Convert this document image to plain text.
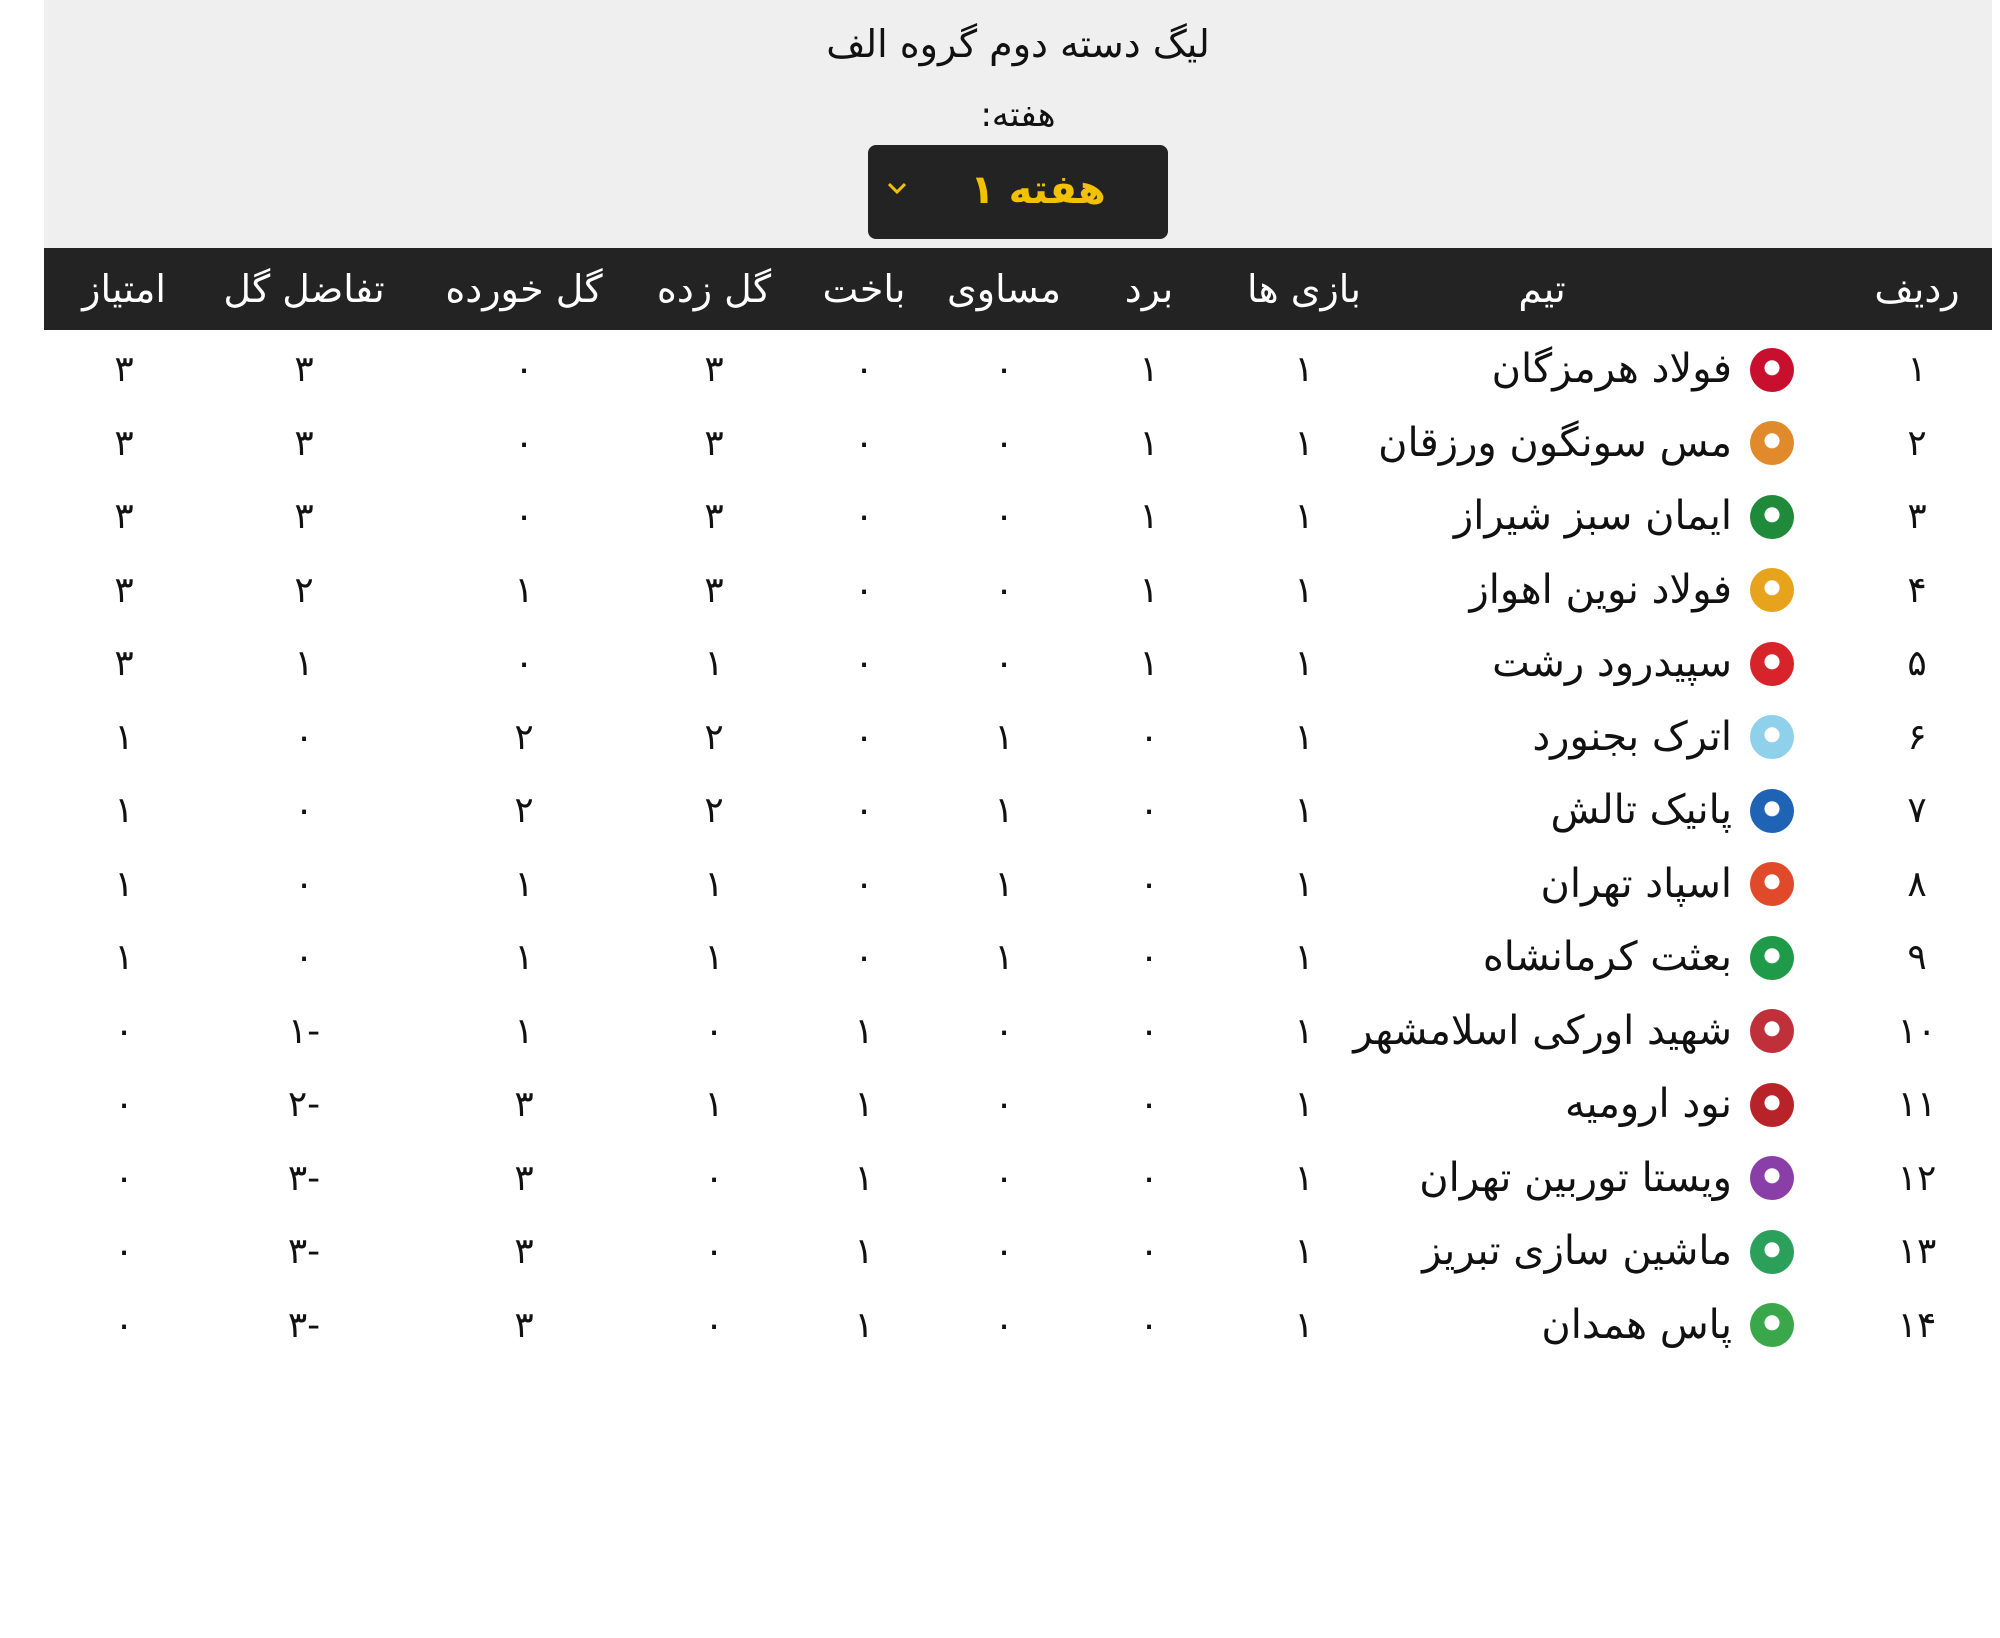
لیگ دسته دوم گروه الف
هفته:
هفته ۱
ردیف
تیم
بازی ها
برد
مساوی
باخت
گل زده
گل خورده
تفاضل گل
امتیاز
۱
فولاد هرمزگان
۳	۳	۰	۳	۰	۰	۱	۱
۲
مس سونگون ورزقان
۳	۳	۰	۳	۰	۰	۱	۱
۳
ایمان سبز شیراز
۳	۳	۰	۳	۰	۰	۱	۱
۴
فولاد نوین اهواز
۳	۲	۱	۳	۰	۰	۱	۱
۵
سپیدرود رشت
۳	۱	۰	۱	۰	۰	۱	۱
۶
اترک بجنورد
۱	۰	۲	۲	۰	۱	۰	۱
۷
پانیک تالش
۱	۰	۲	۲	۰	۱	۰	۱
۸
اسپاد تهران
۱	۰	۱	۱	۰	۱	۰	۱
۹
بعثت کرمانشاه
۱	۰	۱	۱	۰	۱	۰	۱
۱۰
شهید اورکی اسلامشهر
۰	۱-	۱	۰	۱	۰	۰	۱
۱۱
نود ارومیه
۰	۲-	۳	۱	۱	۰	۰	۱
۱۲
ویستا توربین تهران
۰	۳-	۳	۰	۱	۰	۰	۱
۱۳
ماشین سازی تبریز
۰	۳-	۳	۰	۱	۰	۰	۱
۱۴
پاس همدان
۰	۳-	۳	۰	۱	۰	۰	۱
